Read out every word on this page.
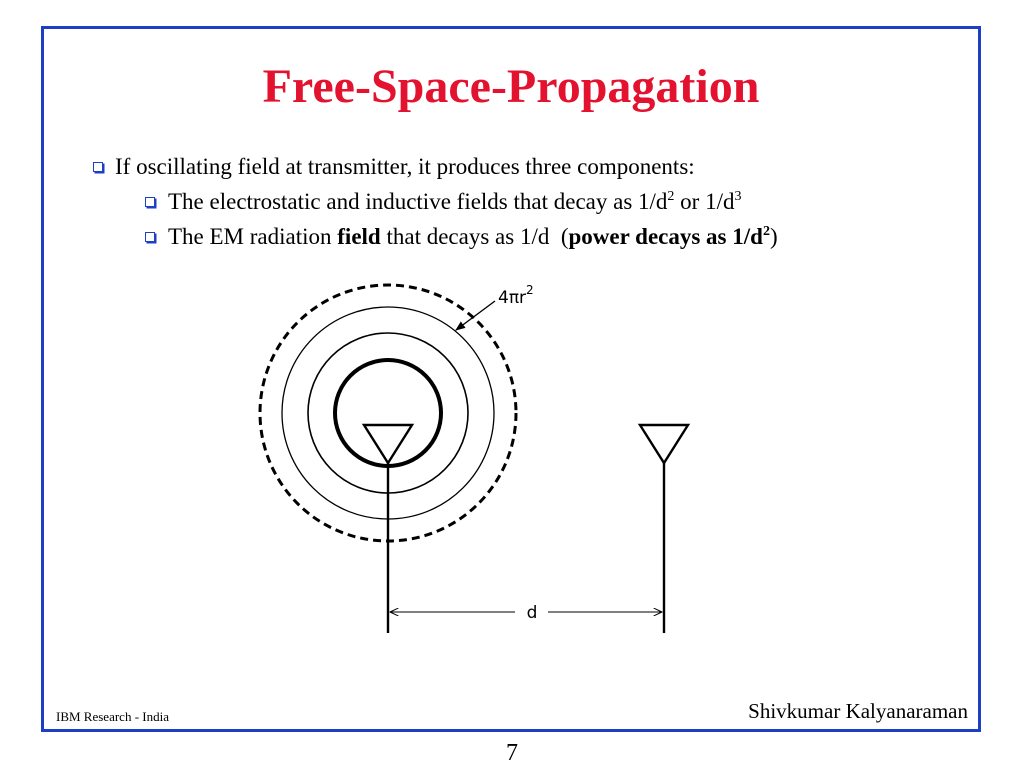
Free-Space-Propagation
If oscillating field at transmitter, it produces three components:
The electrostatic and inductive fields that decay as $1/d^2$ or $1/d^3$
The EM radiation field that decays as 1/d  (power decays as $1/d^2$)
IBM Research - India	Shivkumar Kalyanaraman
$4\pi r^2$
d
7
